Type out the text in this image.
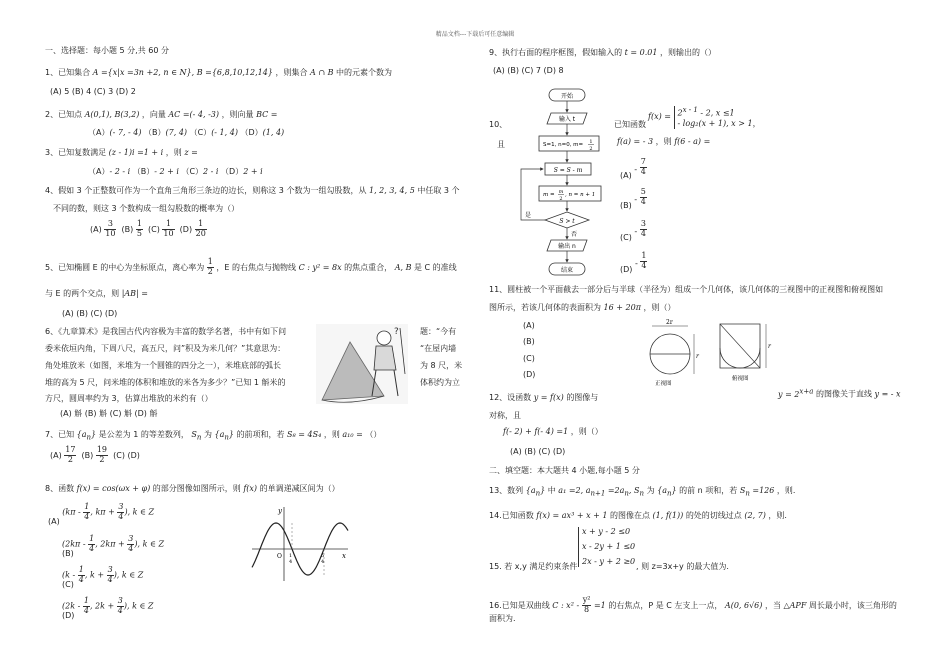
精品文档---下载后可任意编辑
一、选择题：每小题 5 分,共 60 分
1、已知集合 A ={x|x =3n +2, n ∈ N}, B ={6,8,10,12,14} ，则集合 A ∩ B 中的元素个数为
(A) 5 (B) 4 (C) 3 (D) 2
2、已知点 A(0,1), B(3,2) ，向量 AC =(- 4, -3) ，则向量 BC =
（A）(- 7, - 4) （B）(7, 4) （C）(- 1, 4) （D）(1, 4)
3、已知复数满足 (z - 1)i =1 + i ，则 z =
（A）- 2 - i （B）- 2 + i （C）2 - i （D）2 + i
4、假如 3 个正整数可作为一个直角三角形三条边的边长，则称这 3 个数为一组勾股数，从 1, 2, 3, 4, 5 中任取 3 个
不同的数，则这 3 个数构成一组勾股数的概率为（）
$(A) \frac{3}{10} (B) \frac{1}{5} (C) \frac{1}{10} (D) \frac{1}{20}$
5、已知椭圆 E 的中心为坐标原点，离心率为 $\frac{1}{2}$ ，E 的右焦点与抛物线 C : y² = 8x 的焦点重合， A, B 是 C 的准线
与 E 的两个交点，则 |AB| =
(A) (B) (C) (D)
6、《九章算术》是我国古代内容极为丰富的数学名著，书中有如下问	题：“今有
委米依垣内角，下周八尺，高五尺，问”积及为米几何？”其意思为：	“在屋内墙
角处堆放米（如图，米堆为一个圆锥的四分之一），米堆底部的弧长	为 8 尺，米
堆的高为 5 尺，问米堆的体积和堆放的米各为多少？”已知 1 斛米的	体积约为立
方尺，圆周率约为 3，估算出堆放的米约有（）
(A) 斛 (B) 斛 (C) 斛 (D) 斛
?
7、已知 $\{a_n\}$ 是公差为 1 的等差数列， $S_n$ 为 $\{a_n\}$ 的前项和，若 S₈ = 4S₄ ，则 a₁₀ = （）
$(A) \frac{17}{2} (B) \frac{19}{2} (C)$ (D)
8、函数 f(x) = cos(ωx + φ) 的部分图像如图所示，则 f(x) 的单调递减区间为（）
(A) ($k\pi - \frac{1}{4}$ , $k\pi + \frac{3}{4}$ ), k ∈ Z
($2k\pi - \frac{1}{4}$ , $2k\pi + \frac{3}{4}$ ), k ∈ Z
(B)
($k - \frac{1}{4}$ , $k + \frac{3}{4}$ ), k ∈ Z
(C)
($2k - \frac{1}{4}$ , $2k + \frac{3}{4}$ ), k ∈ Z
(D)
y
O	x
1
4
5
4
9、执行右面的程序框图，假如输入的 t = 0.01 ，则输出的（）
(A) (B) (C) 7 (D) 8
开始
输入 t
S=1, n=0, m= 1
2
S = S - m
m = m
2
, n = n + 1
S > t
是
否
输出 n
结束
10、
且
已知函数
$f(x) = 2^{x - 1} - 2$, x ≤1
- log₂(x + 1), x > 1，
f(a) = - 3 ，则 f(6 - a) =
$(A) - \frac{7}{4}$
$(B) - \frac{5}{4}$
$(C) - \frac{3}{4}$
$(D) - \frac{1}{4}$
11、圆柱被一个平面截去一部分后与半球（半径为）组成一个几何体，该几何体的三视图中的正视图和俯视图如
图所示，若该几何体的表面积为 16 + 20π ，则（）
(A)
(B)
(C)
(D)
2r
r
正视图
r
俯视图
12、设函数 y = f(x) 的图像与	$y = 2^{x+a}$ 的图像关于直线 y = - x
对称，且
f(- 2) + f(- 4) =1 ，则（）
(A) (B) (C) (D)
二、填空题：本大题共 4 小题,每小题 5 分
13、数列 $\{a_n\}$ 中 a₁ =2, $a_{n+1} =2a_n$, $S_n$ 为 $\{a_n\}$ 的前 n 项和，若 $S_n =126$ ，则.
14.已知函数 f(x) = ax³ + x + 1 的图像在点 (1, f(1)) 的处的切线过点 (2, 7) ，则.
15. 若 x,y 满足约束条件
x + y - 2 ≤0
x - 2y + 1 ≤0
2x - y + 2 ≥0
, 则 z=3x+y 的最大值为.
16.已知是双曲线 C : $x^2 - \frac{\text{y²}}{8} =1$ 的右焦点，P 是 C 左支上一点， A(0, 6√6) ，当 △APF 周长最小时，该三角形的
面积为.
